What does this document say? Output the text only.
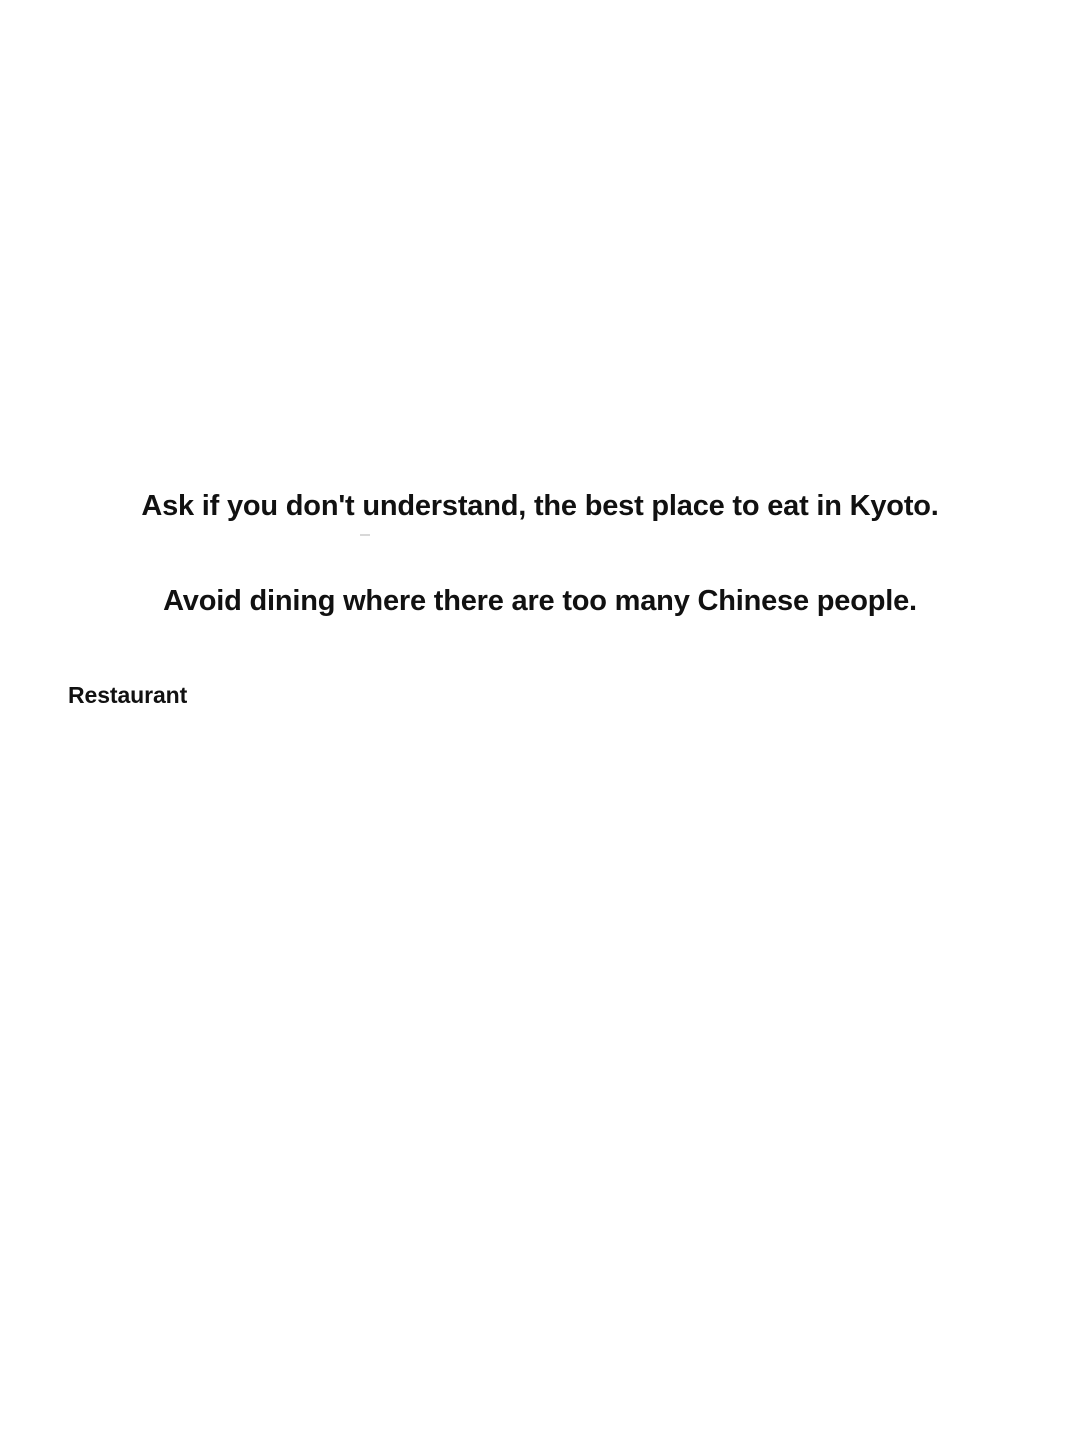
Ask if you don't understand, the best place to eat in Kyoto.
Avoid dining where there are too many Chinese people.
Restaurant
